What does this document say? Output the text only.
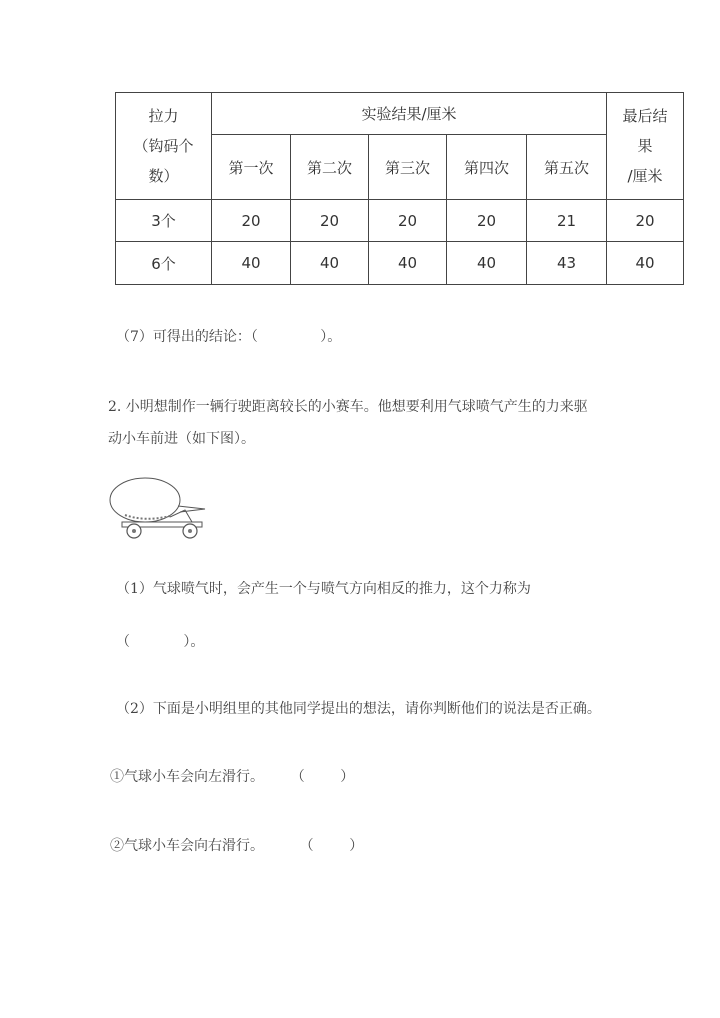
拉力
（钩码个
数）
	实验结果/厘米	最后结
果
/厘米

	第一次	第二次	第三次	第四次	第五次	
3个	20	20	20	20	21	20
6个	40	40	40	40	43	40
（7）可得出的结论：（              ）。
2. 小明想制作一辆行驶距离较长的小赛车。他想要利用气球喷气产生的力来驱
动小车前进（如下图）。
（1）气球喷气时，会产生一个与喷气方向相反的推力，这个力称为
（            ）。
（2）下面是小明组里的其他同学提出的想法，请你判断他们的说法是否正确。
①气球小车会向左滑行。      （        ）
②气球小车会向右滑行。        （        ）
